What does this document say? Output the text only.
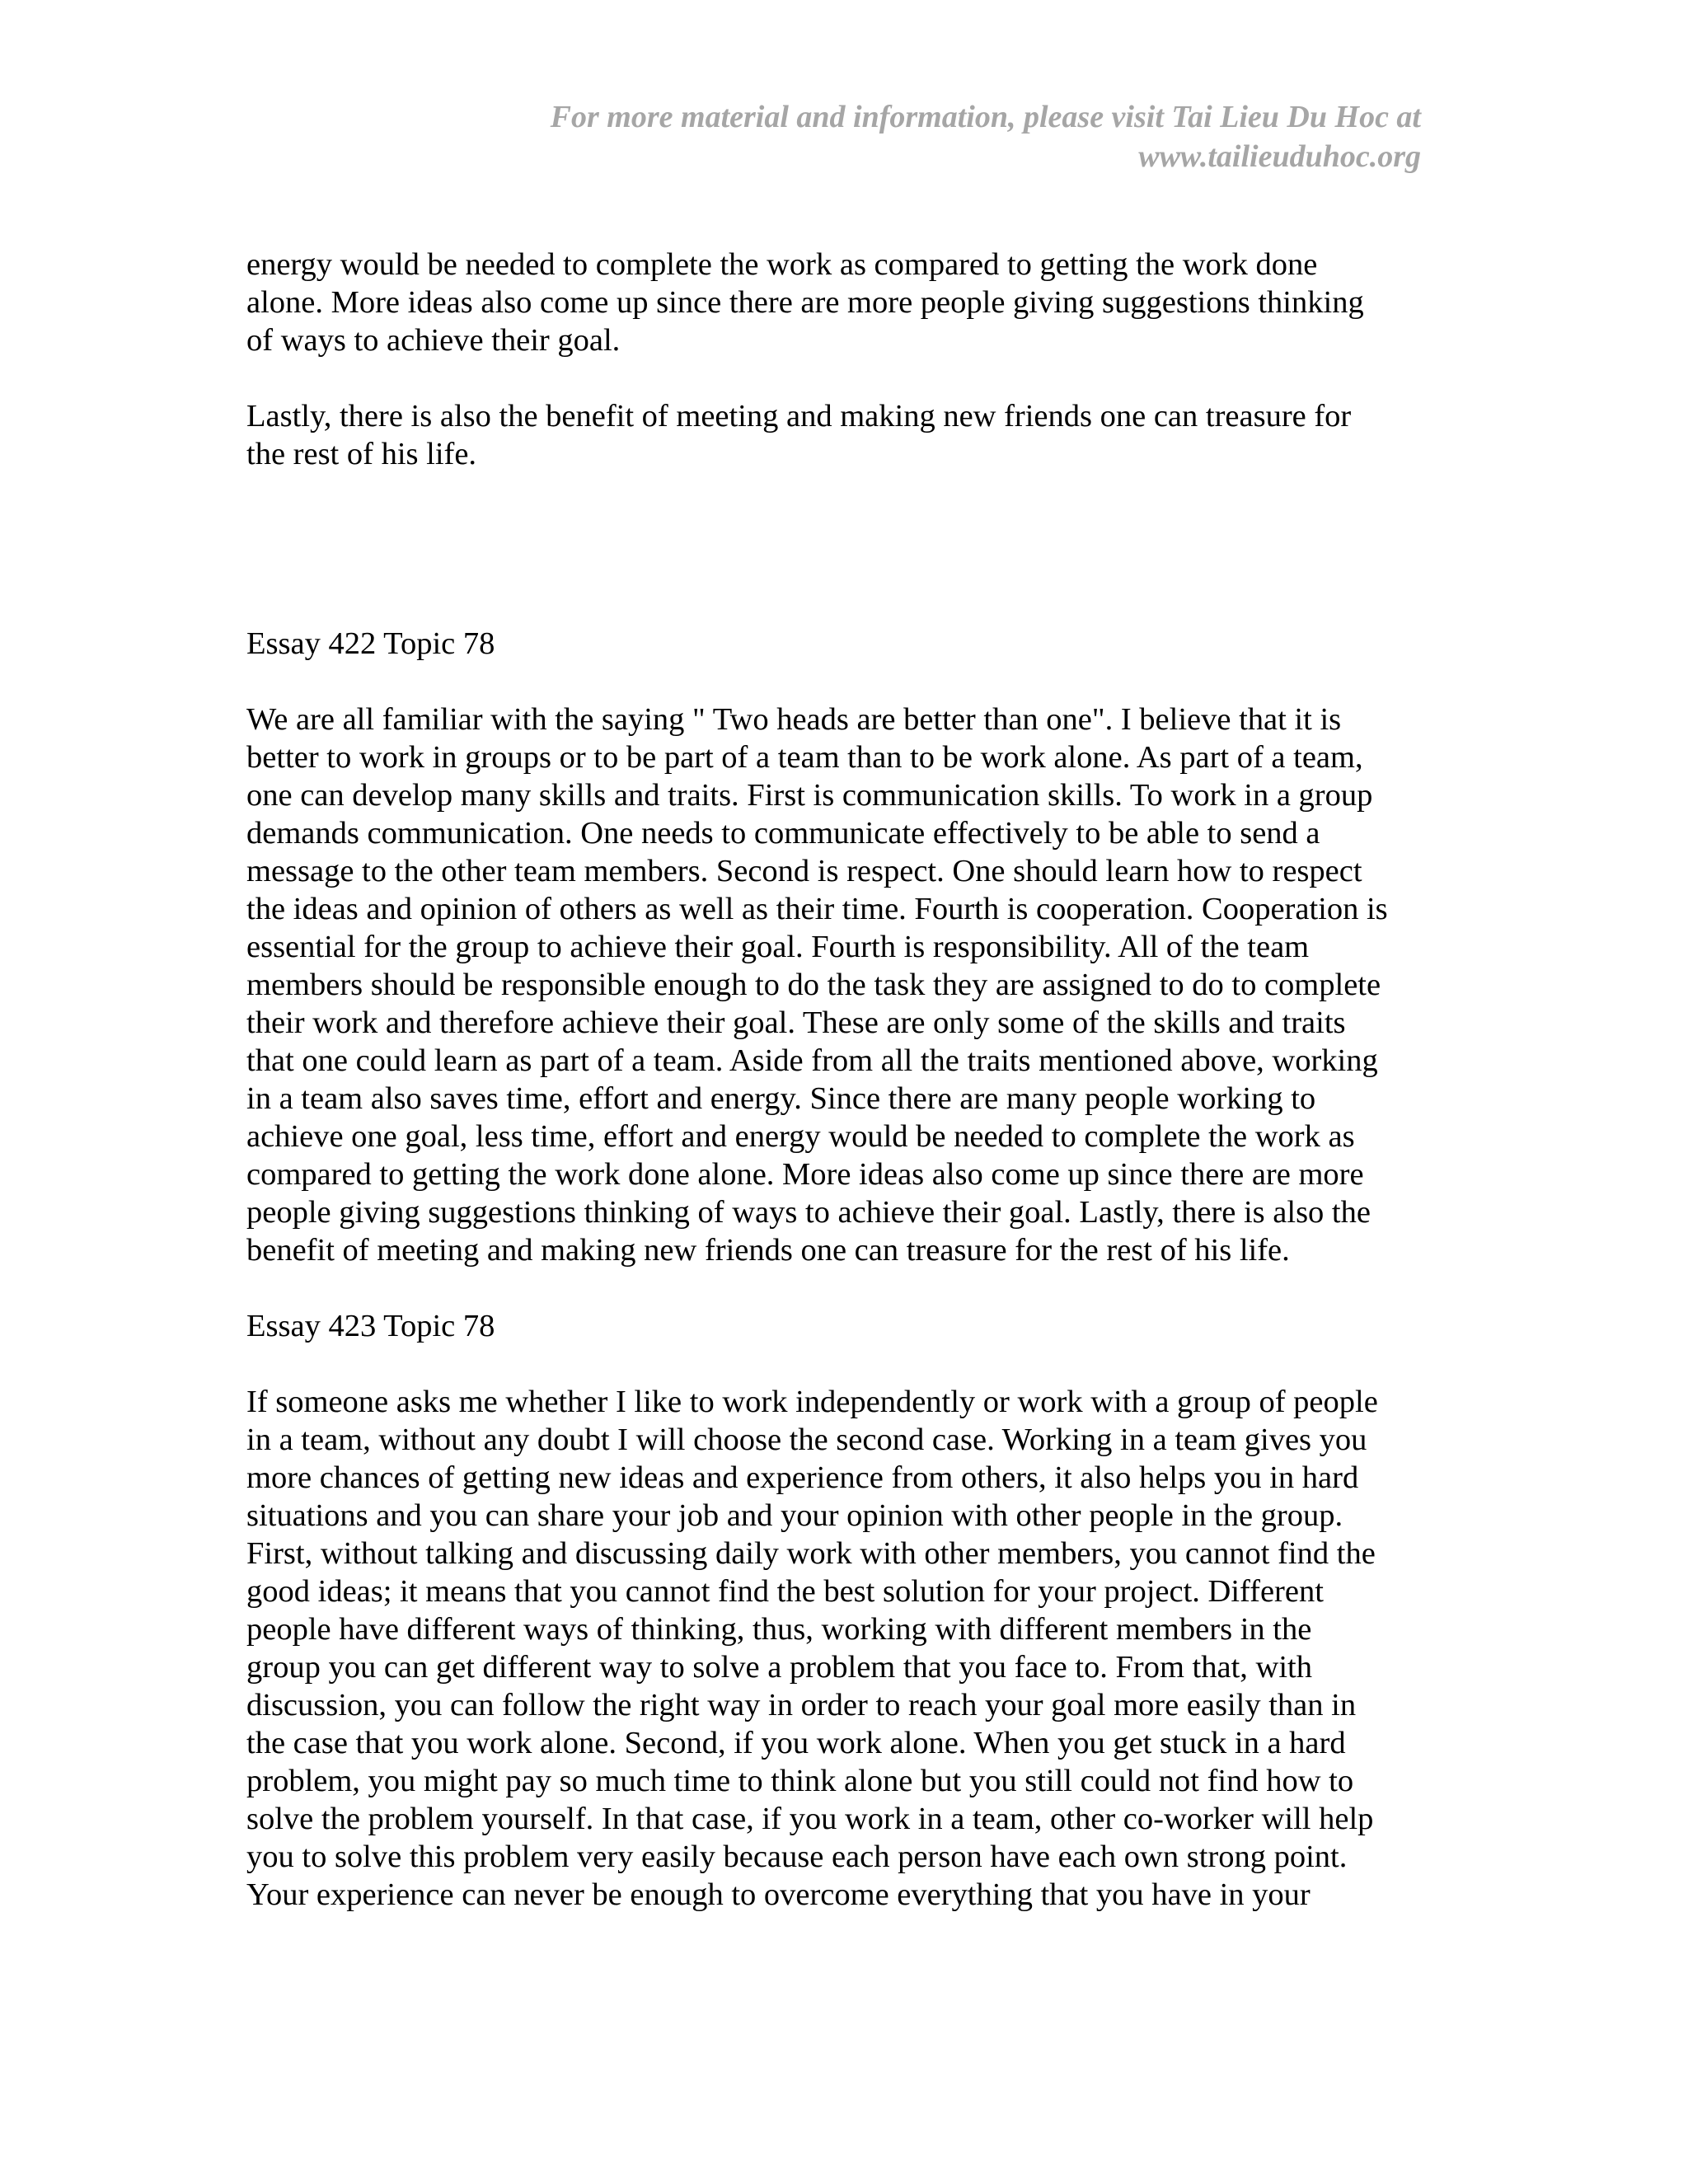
For more material and information, please visit Tai Lieu Du Hoc at
www.tailieuduhoc.org

energy would be needed to complete the work as compared to getting the work done
alone. More ideas also come up since there are more people giving suggestions thinking
of ways to achieve their goal.

Lastly, there is also the benefit of meeting and making new friends one can treasure for
the rest of his life.

Essay 422 Topic 78

We are all familiar with the saying " Two heads are better than one". I believe that it is
better to work in groups or to be part of a team than to be work alone. As part of a team,
one can develop many skills and traits. First is communication skills. To work in a group
demands communication. One needs to communicate effectively to be able to send a
message to the other team members. Second is respect. One should learn how to respect
the ideas and opinion of others as well as their time. Fourth is cooperation. Cooperation is
essential for the group to achieve their goal. Fourth is responsibility. All of the team
members should be responsible enough to do the task they are assigned to do to complete
their work and therefore achieve their goal. These are only some of the skills and traits
that one could learn as part of a team. Aside from all the traits mentioned above, working
in a team also saves time, effort and energy. Since there are many people working to
achieve one goal, less time, effort and energy would be needed to complete the work as
compared to getting the work done alone. More ideas also come up since there are more
people giving suggestions thinking of ways to achieve their goal. Lastly, there is also the
benefit of meeting and making new friends one can treasure for the rest of his life.

Essay 423 Topic 78

If someone asks me whether I like to work independently or work with a group of people
in a team, without any doubt I will choose the second case. Working in a team gives you
more chances of getting new ideas and experience from others, it also helps you in hard
situations and you can share your job and your opinion with other people in the group.
First, without talking and discussing daily work with other members, you cannot find the
good ideas; it means that you cannot find the best solution for your project. Different
people have different ways of thinking, thus, working with different members in the
group you can get different way to solve a problem that you face to. From that, with
discussion, you can follow the right way in order to reach your goal more easily than in
the case that you work alone. Second, if you work alone. When you get stuck in a hard
problem, you might pay so much time to think alone but you still could not find how to
solve the problem yourself. In that case, if you work in a team, other co-worker will help
you to solve this problem very easily because each person have each own strong point.
Your experience can never be enough to overcome everything that you have in your
